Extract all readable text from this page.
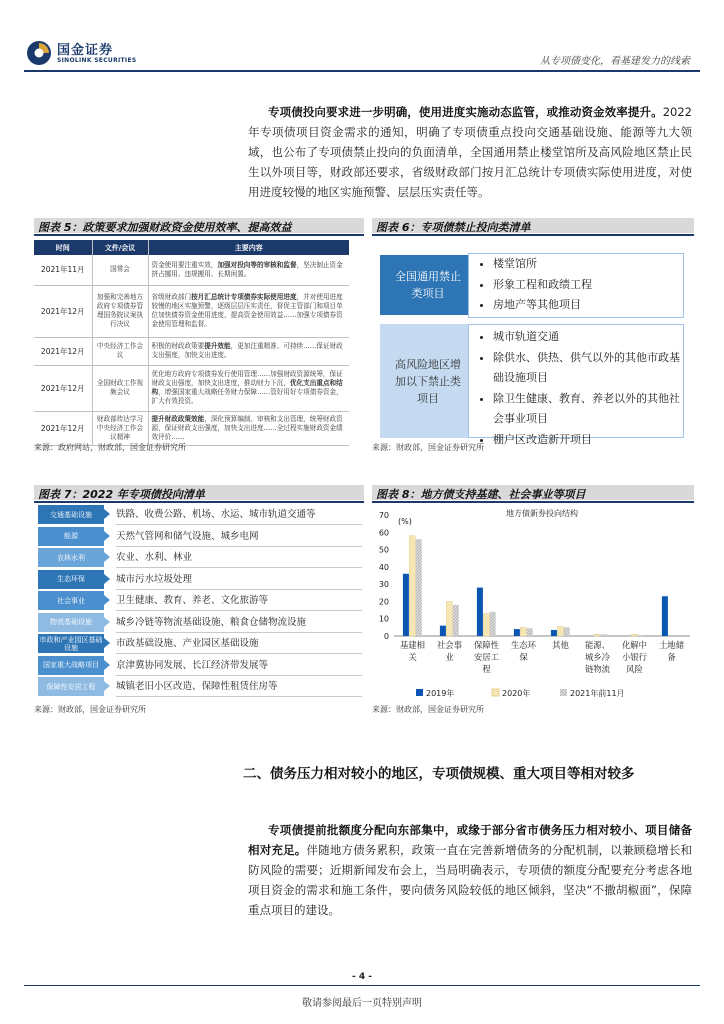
国金证券
SINOLINK SECURITIES	从专项债变化，看基建发力的线索
专项债投向要求进一步明确，使用进度实施动态监管，或推动资金效率提升。2022 年专项债项目资金需求的通知，明确了专项债重点投向交通基础设施、能源等九大领域，也公布了专项债禁止投向的负面清单，全国通用禁止楼堂馆所及高风险地区禁止民生以外项目等，财政部还要求，省级财政部门按月汇总统计专项债实际使用进度，对使用进度较慢的地区实施预警、层层压实责任等。
图表 5：政策要求加强财政资金使用效率、提高效益
时间	文件/会议	主要内容
2021年11月	国常会	资金使用要注重实效，加强对投向等的审核和监督，坚决制止资金挤占挪用、违规搬用、长期闲置。
2021年12月	加强和完善地方政府专项债券管理国务院议案执行决议	省级财政部门按月汇总统计专项债券实际使用进度，并对使用进度较慢的地区实施预警，逐级层层压实责任，督促主管部门和项目单位加快债券资金使用进度，提高资金使用效益……加强专项债券资金使用管理和监督。
2021年12月	中央经济工作会议	积极的财政政策要提升效能，更加注重精准、可持续……保证财政支出强度，加快支出进度。
2021年12月	全国财政工作视频会议	优化地方政府专项债券发行使用管理……加强财政资源统筹，保证财政支出强度，加快支出进度，推动财力下沉，优化支出重点和结构，增强国家重大战略任务财力保障……管好用好专项债券资金，扩大有效投资。
2021年12月	财政部传达学习中央经济工作会议精神	提升财政政策效能，深化预算编制、审核和支出管理，统筹财政资源，保证财政支出强度，加快支出进度……全过程实施财政资金绩效评价……
来源：政府网站，财政部，国金证券研究所
图表 6：专项债禁止投向类清单
全国通用禁止类项目
• 楼堂馆所
• 形象工程和政绩工程
• 房地产等其他项目
高风险地区增加以下禁止类项目
• 城市轨道交通
• 除供水、供热、供气以外的其他市政基础设施项目
• 除卫生健康、教育、养老以外的其他社会事业项目
• 棚户区改造新开项目
来源：财政部，国金证券研究所
图表 7：2022 年专项债投向清单
交通基础设施	铁路、收费公路、机场、水运、城市轨道交通等
能源	天然气管网和储气设施、城乡电网
农林水利	农业、水利、林业
生态环保	城市污水垃圾处理
社会事业	卫生健康、教育、养老、文化旅游等
物流基础设施	城乡冷链等物流基础设施、粮食仓储物流设施
市政和产业园区基础设施	市政基础设施、产业园区基础设施
国家重大战略项目	京津冀协同发展、长江经济带发展等
保障性安居工程	城镇老旧小区改造、保障性租赁住房等
来源：财政部，国金证券研究所
图表 8：地方债支持基建、社会事业等项目
地方债新券投向结构
(%)
0
10
20
30
40
50
60
70
基建相
关
社会事
业
保障性
安居工
程
生态环
保
其他 能源、
城乡冷
链物流
化解中
小银行
风险
土地储
备
2019年	2020年	2021年前11月
来源：财政部，国金证券研究所
二、债务压力相对较小的地区，专项债规模、重大项目等相对较多
专项债提前批额度分配向东部集中，或缘于部分省市债务压力相对较小、项目储备相对充足。伴随地方债务累积，政策一直在完善新增债务的分配机制，以兼顾稳增长和防风险的需要；近期新闻发布会上，当局明确表示，专项债的额度分配要充分考虑各地项目资金的需求和施工条件，要向债务风险较低的地区倾斜，坚决“不撒胡椒面”，保障重点项目的建设。
- 4 -
敬请参阅最后一页特别声明
